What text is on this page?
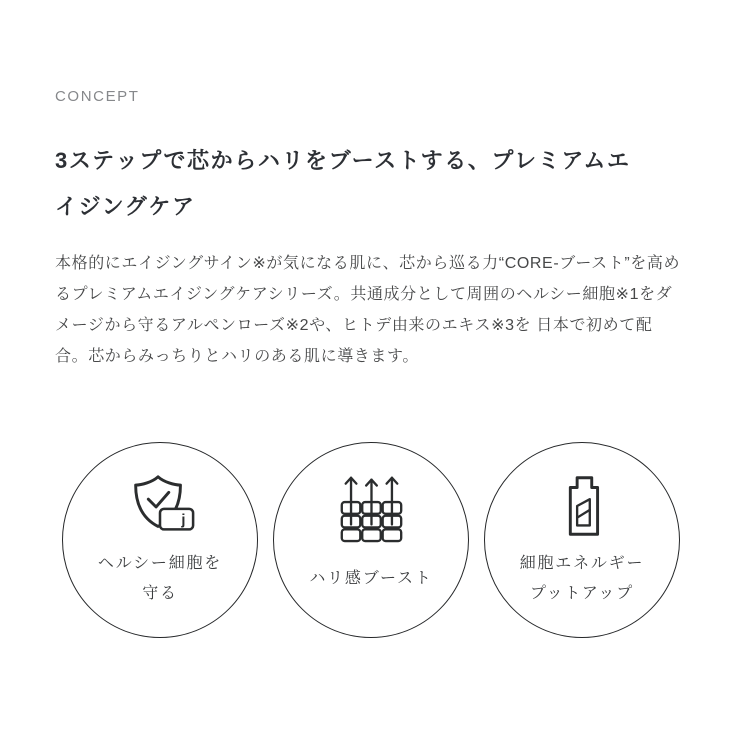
CONCEPT
3ステップで芯からハリをブーストする、プレミアムエ
イジングケア
本格的にエイジングサイン※が気になる肌に、芯から巡る力“CORE-ブースト”を高め
るプレミアムエイジングケアシリーズ。共通成分として周囲のヘルシー細胞※1をダ
メージから守るアルペンローズ※2や、ヒトデ由来のエキス※3を 日本で初めて配
合。芯からみっちりとハリのある肌に導きます。
j
ヘルシー細胞を
守る
ハリ感ブースト
細胞エネルギー
プットアップ
